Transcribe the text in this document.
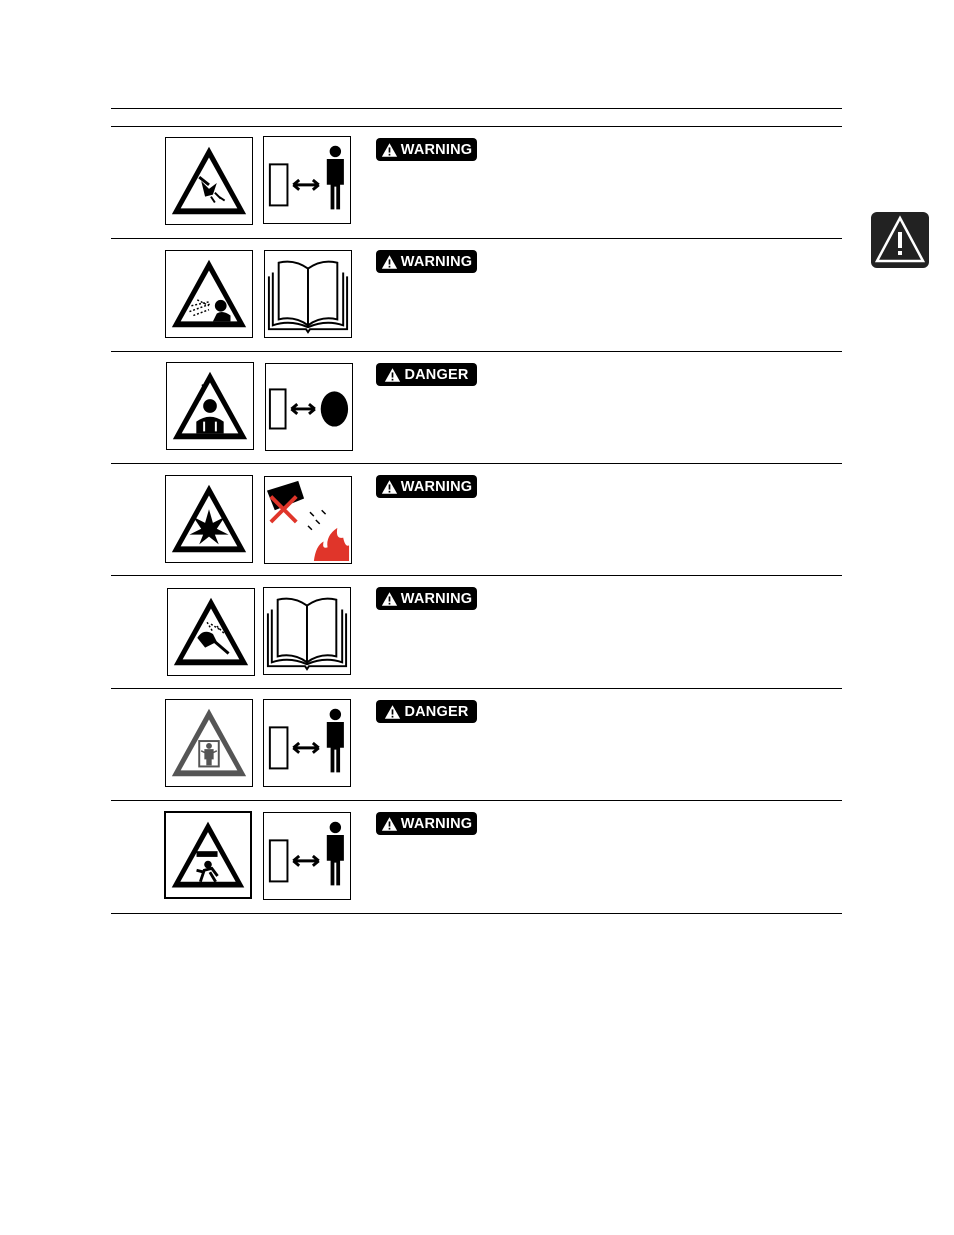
WARNING
WARNING
DANGER
WARNING
WARNING
DANGER
WARNING
